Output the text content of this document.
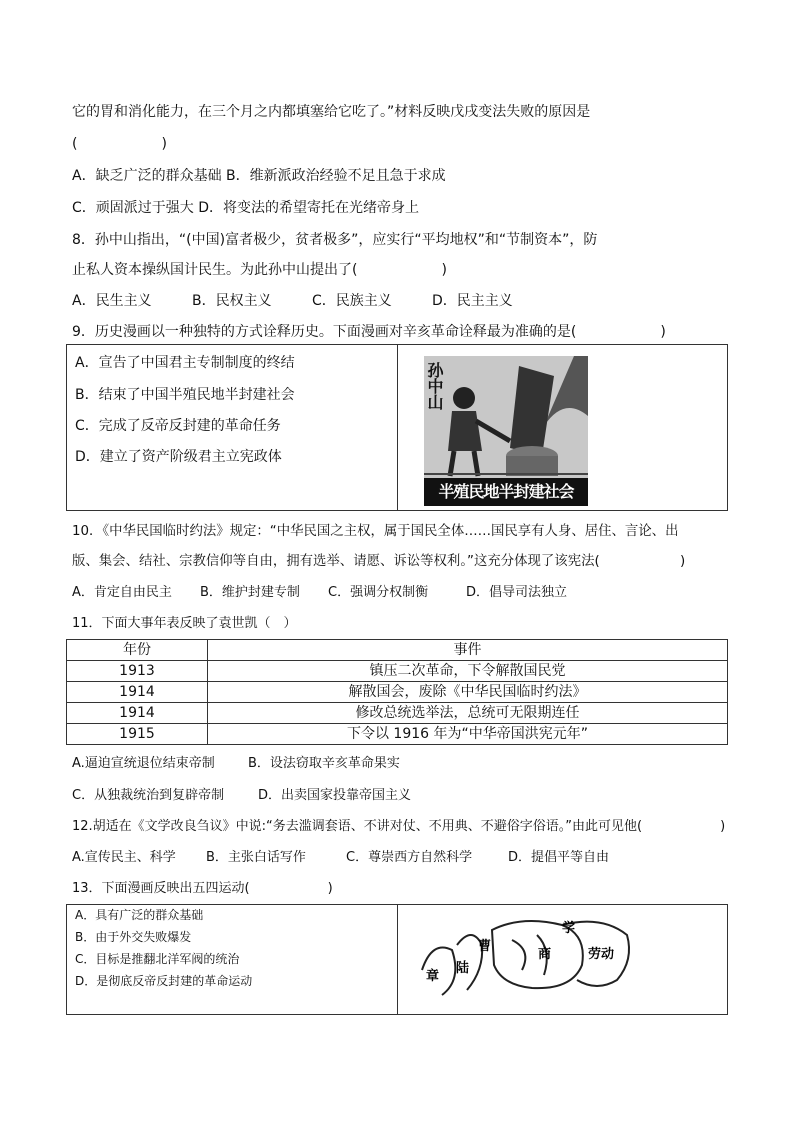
它的胃和消化能力，在三个月之内都填塞给它吃了。”材料反映戊戌变法失败的原因是
(　　　　　　)
A．缺乏广泛的群众基础 B．维新派政治经验不足且急于求成
C．顽固派过于强大 D．将变法的希望寄托在光绪帝身上
8．孙中山指出，“(中国)富者极少，贫者极多”，应实行“平均地权”和“节制资本”，防
止私人资本操纵国计民生。为此孙中山提出了(　　　　　　)
A．民生主义	B．民权主义	C．民族主义	D．民主主义
9．历史漫画以一种独特的方式诠释历史。下面漫画对辛亥革命诠释最为准确的是(　　　　　　)
A．宣告了中国君主专制制度的终结
B．结束了中国半殖民地半封建社会
C．完成了反帝反封建的革命任务
D．建立了资产阶级君主立宪政体
孙中山
半殖民地半封建社会
10．《中华民国临时约法》规定：“中华民国之主权，属于国民全体……国民享有人身、居住、言论、出
版、集会、结社、宗教信仰等自由，拥有选举、请愿、诉讼等权利。”这充分体现了该宪法(　　　　　　)
A．肯定自由民主 B．维护封建专制 C．强调分权制衡	D．倡导司法独立
11．下面大事年表反映了袁世凯（　）
年份	事件
1913	镇压二次革命，下令解散国民党
1914	解散国会，废除《中华民国临时约法》
1914	修改总统选举法，总统可无限期连任
1915	下令以 1916 年为“中华帝国洪宪元年”
A.逼迫宣统退位结束帝制	B．设法窃取辛亥革命果实
C．从独裁统治到复辟帝制	D．出卖国家投靠帝国主义
12.胡适在《文学改良刍议》中说:“务去滥调套语、不讲对仗、不用典、不避俗字俗语。”由此可见他(　　　　　　)
A.宣传民主、科学 B．主张白话写作	C．尊崇西方自然科学	D．提倡平等自由
13．下面漫画反映出五四运动(　　　　　　)
A．具有广泛的群众基础
B．由于外交失败爆发
C．目标是推翻北洋军阀的统治
D．是彻底反帝反封建的革命运动	章
陆
曹
商
学
劳动
